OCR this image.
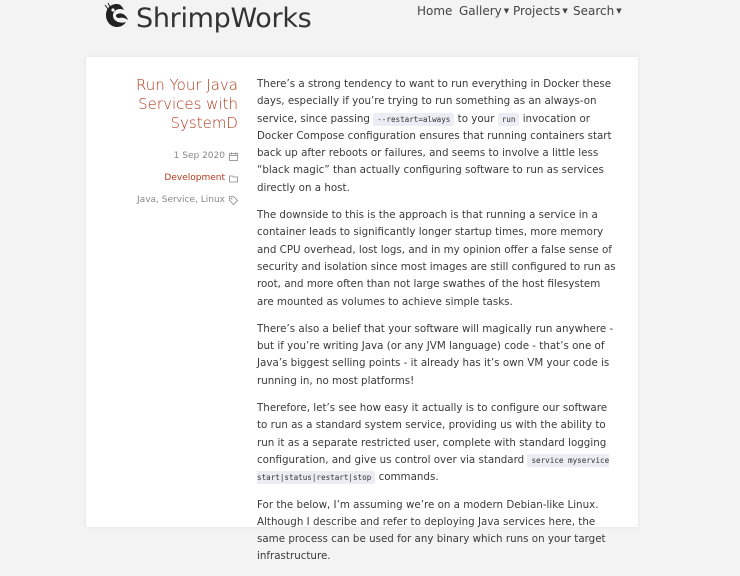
ShrimpWorks	Home Gallery ▼ Projects ▼ Search ▼
Run Your Java Services with SystemD
1 Sep 2020
Development
Java, Service, Linux

There’s a strong tendency to want to run everything in Docker these days, especially if you’re trying to run something as an always-on service, since passing --restart=always to your run invocation or Docker Compose configuration ensures that running containers start back up after reboots or failures, and seems to involve a little less “black magic” than actually configuring software to run as services directly on a host.

The downside to this is the approach is that running a service in a container leads to significantly longer startup times, more memory and CPU overhead, lost logs, and in my opinion offer a false sense of security and isolation since most images are still configured to run as root, and more often than not large swathes of the host filesystem are mounted as volumes to achieve simple tasks.

There’s also a belief that your software will magically run anywhere - but if you’re writing Java (or any JVM language) code - that’s one of Java’s biggest selling points - it already has it’s own VM your code is running in, no most platforms!

Therefore, let’s see how easy it actually is to configure our software to run as a standard system service, providing us with the ability to run it as a separate restricted user, complete with standard logging configuration, and give us control over via standard service myservice start|status|restart|stop commands.

For the below, I’m assuming we’re on a modern Debian-like Linux. Although I describe and refer to deploying Java services here, the same process can be used for any binary which runs on your target infrastructure.
